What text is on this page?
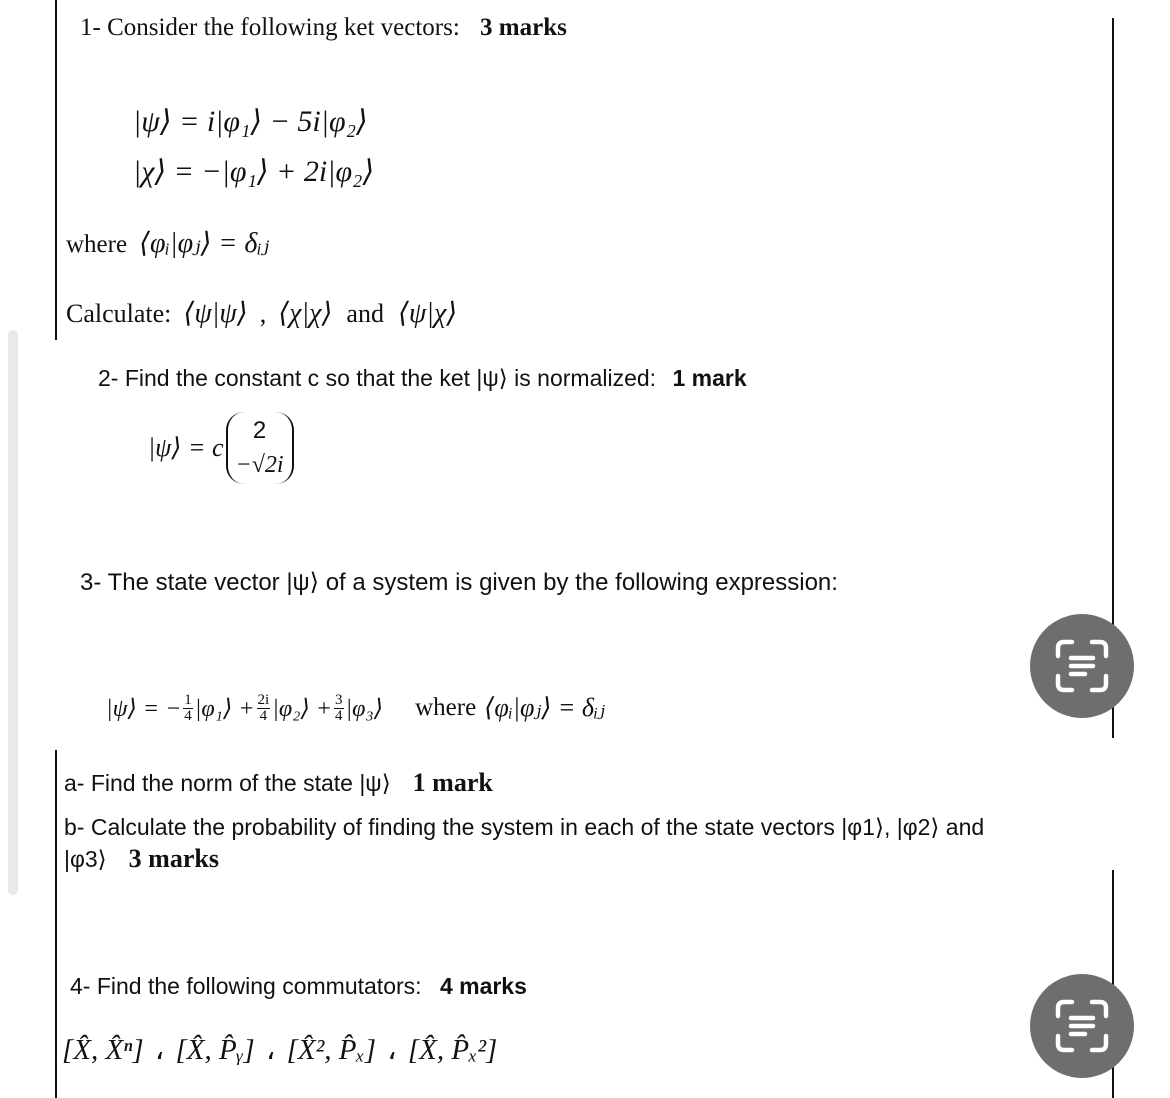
1- Consider the following ket vectors: 3 marks
|ψ⟩ = i|φ₁⟩ − 5i|φ₂⟩
|χ⟩ = −|φ₁⟩ + 2i|φ₂⟩
where ⟨φᵢ|φⱼ⟩ = δᵢⱼ
Calculate: ⟨ψ|ψ⟩ , ⟨χ|χ⟩ and ⟨ψ|χ⟩
2- Find the constant c so that the ket |ψ⟩ is normalized: 1 mark
|ψ⟩ = c
2
−√2i
3- The state vector |ψ⟩ of a system is given by the following expression:
|ψ⟩ = − $\frac{1}{4}$ |φ₁⟩ + $\frac{2i}{4}$ |φ₂⟩ + $\frac{3}{4}$ |φ₃⟩ where ⟨φᵢ|φⱼ⟩ = δᵢⱼ
a- Find the norm of the state |ψ⟩ 1 mark
b- Calculate the probability of finding the system in each of the state vectors |φ1⟩, |φ2⟩ and
|φ3⟩ 3 marks
4- Find the following commutators: 4 marks
[X̂, X̂ⁿ] ، [X̂, P̂ᵧ] ، [X̂², P̂ₓ] ، [X̂, P̂ₓ²]
